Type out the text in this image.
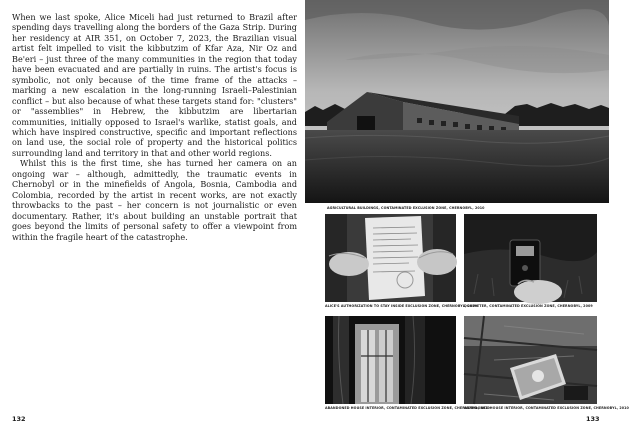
When we last spoke, Alice Miceli had just returned to Brazil after spending days travelling along the borders of the Gaza Strip. During her residency at AIR 351, on October 7, 2023, the Brazilian visual artist felt impelled to visit the kibbutzim of Kfar Aza, Nir Oz and Be'eri – just three of the many communities in the region that today have been evacuated and are partially in ruins. The artist's focus is symbolic, not only because of the time frame of the attacks – marking a new escalation in the long-running Israeli–Palestinian conflict – but also because of what these targets stand for: "clusters" or "assemblies" in Hebrew, the kibbutzim are libertarian communities, initially opposed to Israel's warlike, statist goals, and which have inspired constructive, specific and important reflections on land use, the social role of property and the historical politics surrounding land and territory in that and other world regions.

Whilst this is the first time, she has turned her camera on an ongoing war – although, admittedly, the traumatic events in Chernobyl or in the minefields of Angola, Bosnia, Cambodia and Colombia, recorded by the artist in recent works, are not exactly throwbacks to the past – her concern is not journalistic or even documentary. Rather, it's about building an unstable portrait that goes beyond the limits of personal safety to offer a viewpoint from within the fragile heart of the catastrophe.

132
AGRICULTURAL BUILDINGS, CONTAMINATED EXCLUSION ZONE, CHERNOBYL, 2010
ALICE'S AUTHORIZATION TO STAY INSIDE EXCLUSION ZONE, CHERNOBYL, 2010
DOSIMETER, CONTAMINATED EXCLUSION ZONE, CHERNOBYL, 2009
ABANDONED HOUSE INTERIOR, CONTAMINATED EXCLUSION ZONE, CHERNOBYL, 2010
ABANDONED HOUSE INTERIOR, CONTAMINATED EXCLUSION ZONE, CHERNOBYL, 2010
133
